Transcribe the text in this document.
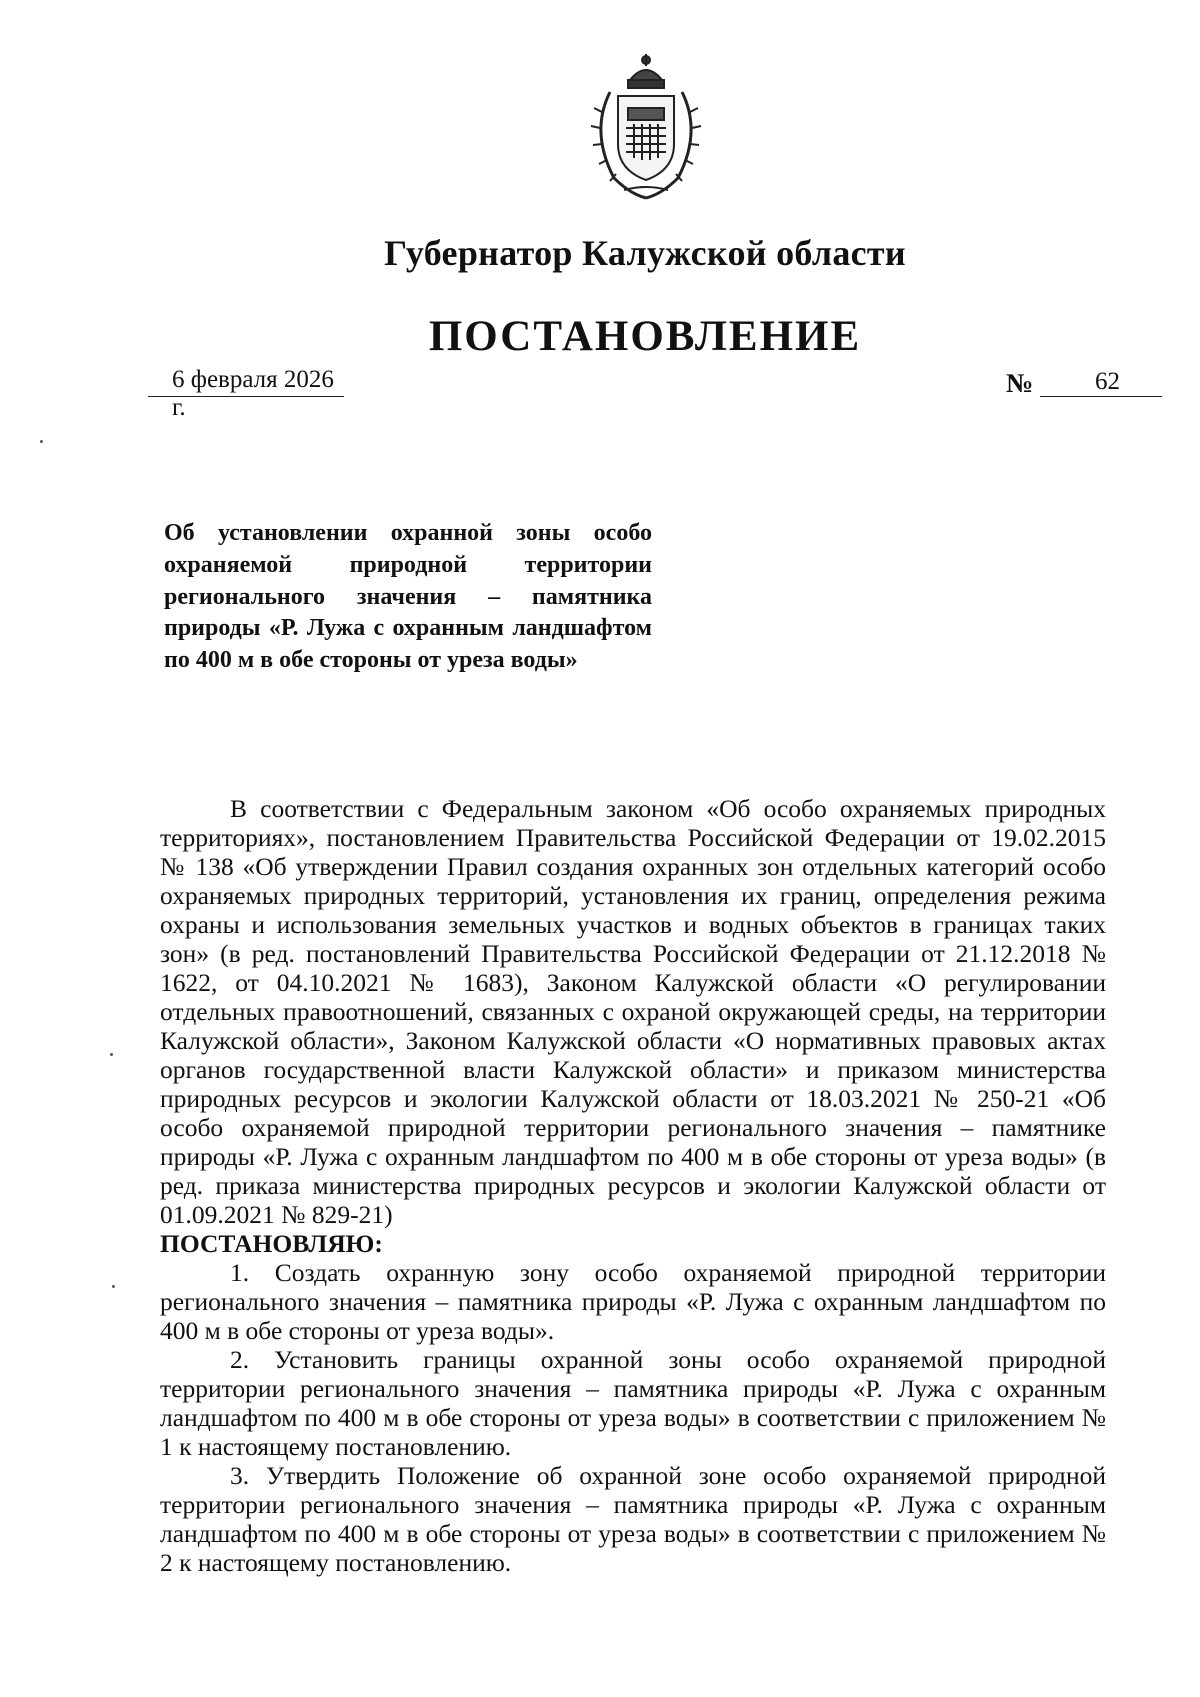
Губернатор Калужской области
ПОСТАНОВЛЕНИЕ
6 февраля 2026 г.
№ 62
Об установлении охранной зоны особо охраняемой природной территории регионального значения – памятника природы «Р. Лужа с охранным ландшафтом по 400 м в обе стороны от уреза воды»

В соответствии с Федеральным законом «Об особо охраняемых природных территориях», постановлением Правительства Российской Федерации от 19.02.2015 № 138 «Об утверждении Правил создания охранных зон отдельных категорий особо охраняемых природных территорий, установления их границ, определения режима охраны и использования земельных участков и водных объектов в границах таких зон» (в ред. постановлений Правительства Российской Федерации от 21.12.2018 № 1622, от 04.10.2021 № 1683), Законом Калужской области «О регулировании отдельных правоотношений, связанных с охраной окружающей среды, на территории Калужской области», Законом Калужской области «О нормативных правовых актах органов государственной власти Калужской области» и приказом министерства природных ресурсов и экологии Калужской области от 18.03.2021 № 250-21 «Об особо охраняемой природной территории регионального значения – памятнике природы «Р. Лужа с охранным ландшафтом по 400 м в обе стороны от уреза воды» (в ред. приказа министерства природных ресурсов и экологии Калужской области от 01.09.2021 № 829-21)
ПОСТАНОВЛЯЮ:

1. Создать охранную зону особо охраняемой природной территории регионального значения – памятника природы «Р. Лужа с охранным ландшафтом по 400 м в обе стороны от уреза воды».

2. Установить границы охранной зоны особо охраняемой природной территории регионального значения – памятника природы «Р. Лужа с охранным ландшафтом по 400 м в обе стороны от уреза воды» в соответствии с приложением № 1 к настоящему постановлению.

3. Утвердить Положение об охранной зоне особо охраняемой природной территории регионального значения – памятника природы «Р. Лужа с охранным ландшафтом по 400 м в обе стороны от уреза воды» в соответствии с приложением № 2 к настоящему постановлению.
